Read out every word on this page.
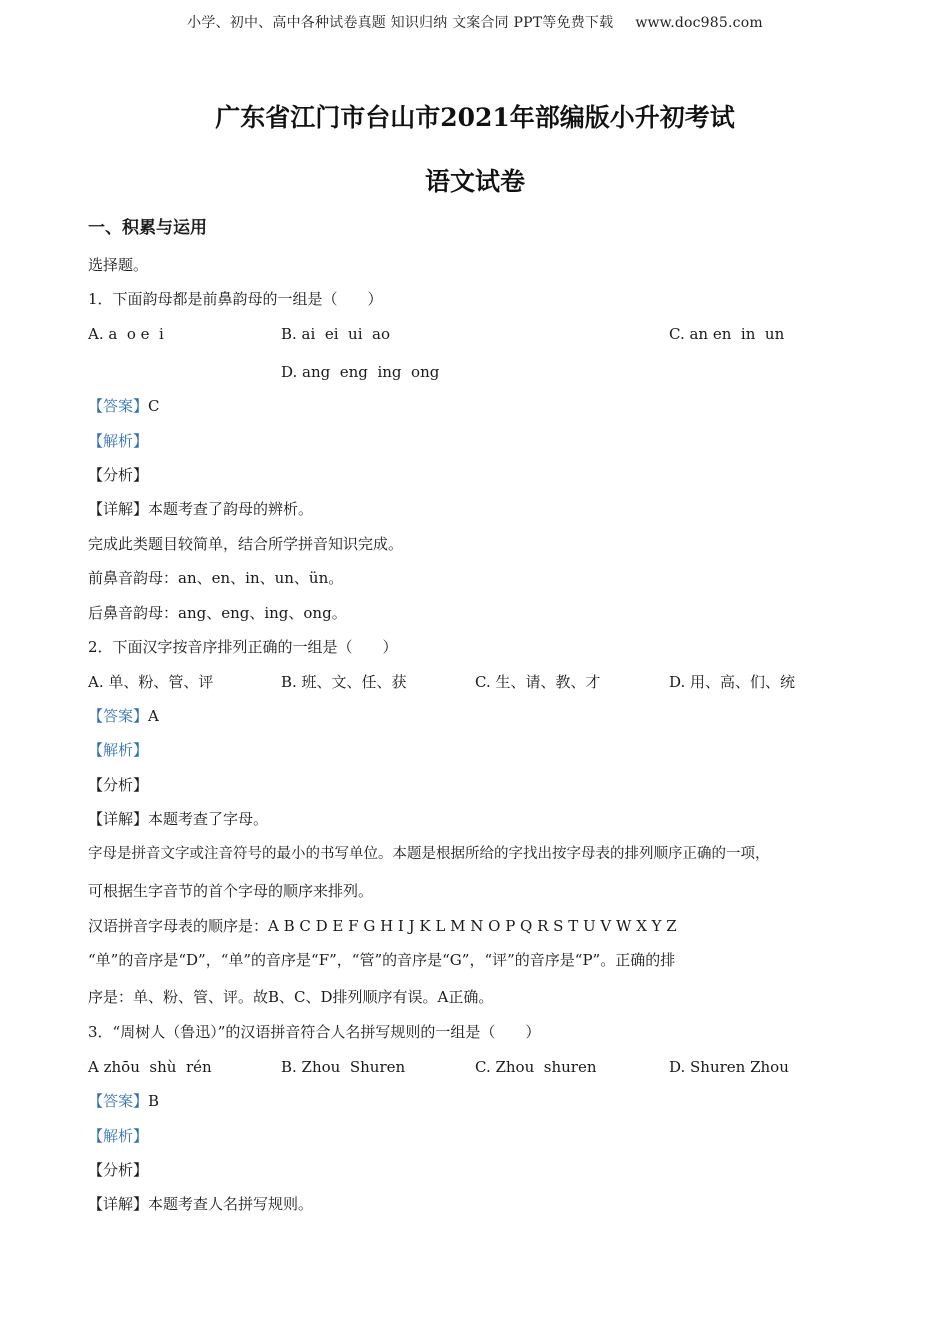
小学、初中、高中各种试卷真题 知识归纳 文案合同 PPT等免费下载 www.doc985.com
广东省江门市台山市2021年部编版小升初考试
语文试卷
一、积累与运用
选择题。
1．下面韵母都是前鼻韵母的一组是（　　）
A. a  o e  i	B. ai  ei  ui  ao	C. an en  in  un
D. ang  eng  ing  ong
【答案】C
【解析】
【分析】
【详解】本题考查了韵母的辨析。
完成此类题目较简单，结合所学拼音知识完成。
前鼻音韵母：an、en、in、un、ün。
后鼻音韵母：ang、eng、ing、ong。
2．下面汉字按音序排列正确的一组是（　　）
A. 单、粉、管、评	B. 班、文、任、获	C. 生、请、教、才	D. 用、高、们、统
【答案】A
【解析】
【分析】
【详解】本题考查了字母。
字母是拼音文字或注音符号的最小的书写单位。本题是根据所给的字找出按字母表的排列顺序正确的一项，
可根据生字音节的首个字母的顺序来排列。
汉语拼音字母表的顺序是：A B C D E F G H I J K L M N O P Q R S T U V W X Y Z
“单”的音序是“D”，“单”的音序是“F”，“管”的音序是“G”，“评”的音序是“P”。正确的排
序是：单、粉、管、评。故B、C、D排列顺序有误。A正确。
3．“周树人（鲁迅）”的汉语拼音符合人名拼写规则的一组是（　　）
A zhōu  shù  rén	B. Zhou  Shuren	C. Zhou  shuren	D. Shuren Zhou
【答案】B
【解析】
【分析】
【详解】本题考查人名拼写规则。
